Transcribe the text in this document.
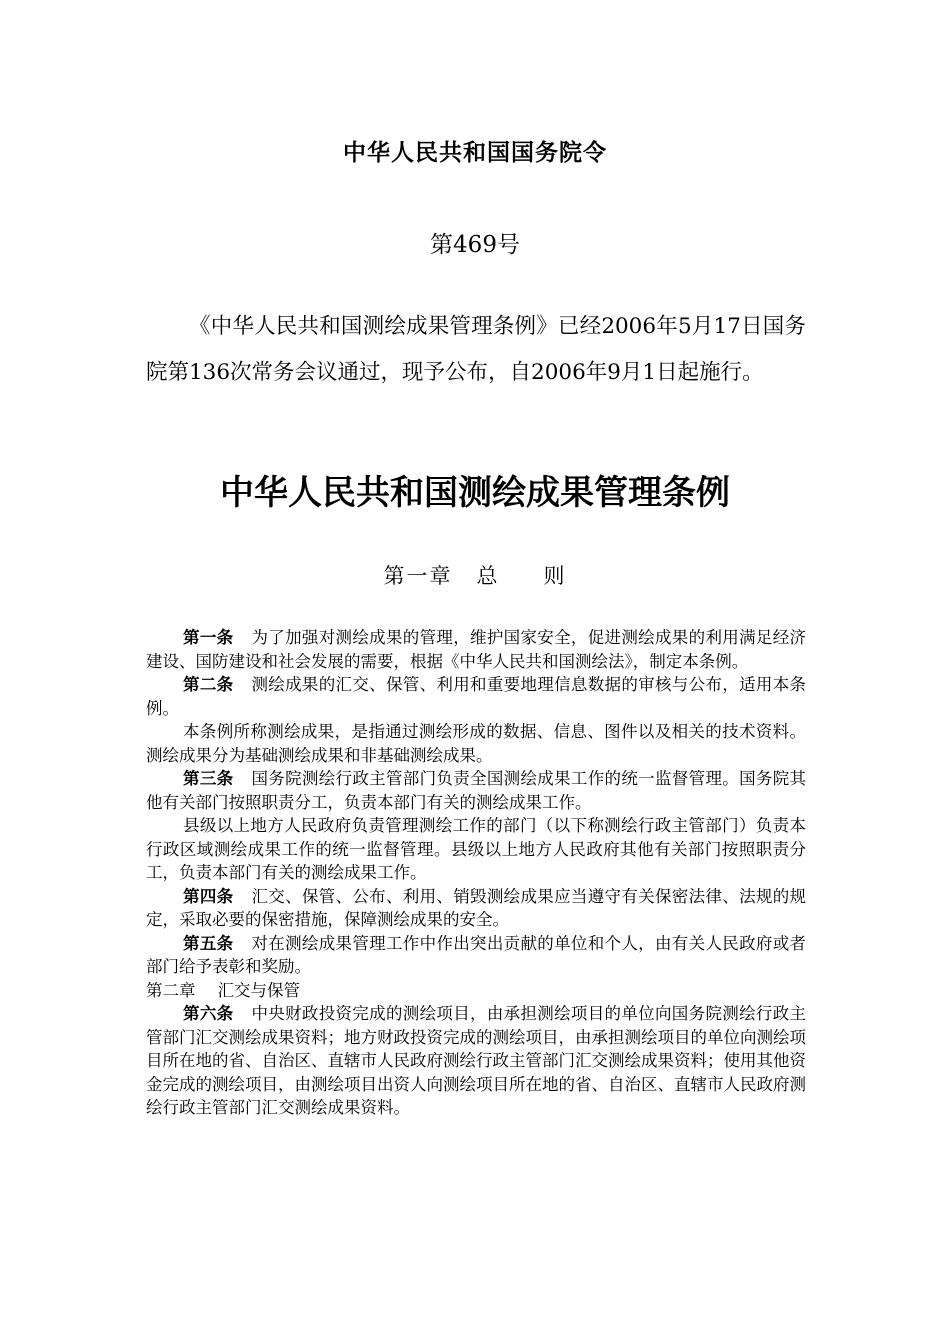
中华人民共和国国务院令
第469号
《中华人民共和国测绘成果管理条例》已经2006年5月17日国务院第136次常务会议通过，现予公布，自2006年9月1日起施行。
中华人民共和国测绘成果管理条例
第一章 总 则

第一条 为了加强对测绘成果的管理，维护国家安全，促进测绘成果的利用满足经济建设、国防建设和社会发展的需要，根据《中华人民共和国测绘法》，制定本条例。

第二条 测绘成果的汇交、保管、利用和重要地理信息数据的审核与公布，适用本条例。

本条例所称测绘成果，是指通过测绘形成的数据、信息、图件以及相关的技术资料。测绘成果分为基础测绘成果和非基础测绘成果。

第三条 国务院测绘行政主管部门负责全国测绘成果工作的统一监督管理。国务院其他有关部门按照职责分工，负责本部门有关的测绘成果工作。

县级以上地方人民政府负责管理测绘工作的部门（以下称测绘行政主管部门）负责本行政区域测绘成果工作的统一监督管理。县级以上地方人民政府其他有关部门按照职责分工，负责本部门有关的测绘成果工作。

第四条 汇交、保管、公布、利用、销毁测绘成果应当遵守有关保密法律、法规的规定，采取必要的保密措施，保障测绘成果的安全。

第五条 对在测绘成果管理工作中作出突出贡献的单位和个人，由有关人民政府或者部门给予表彰和奖励。

第二章 汇交与保管

第六条 中央财政投资完成的测绘项目，由承担测绘项目的单位向国务院测绘行政主管部门汇交测绘成果资料；地方财政投资完成的测绘项目，由承担测绘项目的单位向测绘项目所在地的省、自治区、直辖市人民政府测绘行政主管部门汇交测绘成果资料；使用其他资金完成的测绘项目，由测绘项目出资人向测绘项目所在地的省、自治区、直辖市人民政府测绘行政主管部门汇交测绘成果资料。
